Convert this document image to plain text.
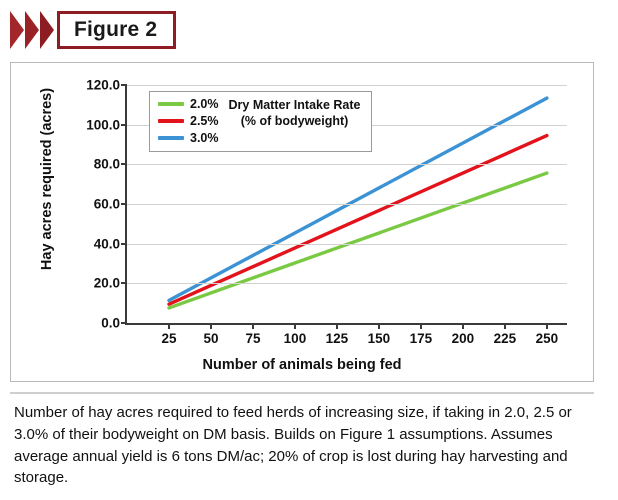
Figure 2
Hay acres required (acres)
Number of animals being fed
0.0
20.0
40.0
60.0
80.0
100.0
120.0
25 50 75 100 125 150 175 200 225 250
2.0%
2.5%
3.0%
Dry Matter Intake Rate
(% of bodyweight)
Number of hay acres required to feed herds of increasing size, if taking in 2.0, 2.5 or 3.0% of their bodyweight on DM basis. Builds on Figure 1 assumptions. Assumes average annual yield is 6 tons DM/ac; 20% of crop is lost during hay harvesting and storage.
